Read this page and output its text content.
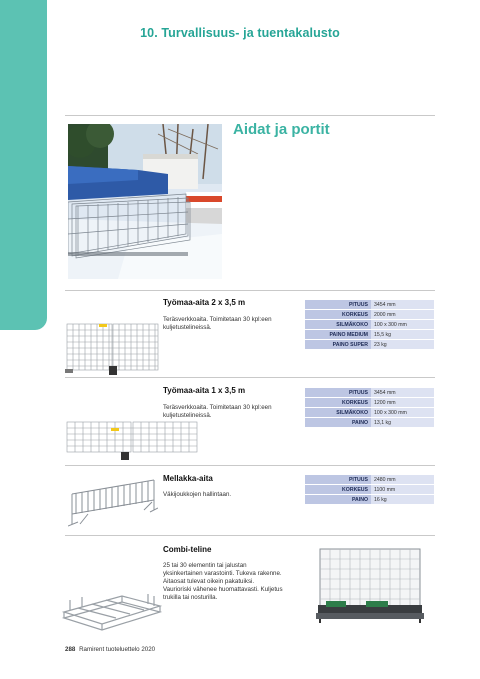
10. Turvallisuus- ja tuentakalusto
Aidat ja portit
Työmaa-aita 2 x 3,5 m
Teräsverkkoaita. Toimitetaan 30 kpl:een kuljetustelineissä.
PITUUS	3454 mm
KORKEUS	2000 mm
SILMÄKOKO	100 x 300 mm
PAINO MEDIUM	15,5 kg
PAINO SUPER	23 kg
Työmaa-aita 1 x 3,5 m
Teräsverkkoaita. Toimitetaan 30 kpl:een kuljetustelineissä.
PITUUS	3454 mm
KORKEUS	1200 mm
SILMÄKOKO	100 x 300 mm
PAINO	13,1 kg
Mellakka-aita
Väkijoukkojen hallintaan.
PITUUS	2480 mm
KORKEUS	1100 mm
PAINO	16 kg
Combi-teline
25 tai 30 elementin tai jalustan yksinkertainen varastointi. Tukeva rakenne. Aitaosat tulevat oikein pakatuiksi. Vaurioriski vähenee huomattavasti. Kuljetus trukilla tai nosturilla.
288 Ramirent tuoteluettelo 2020
